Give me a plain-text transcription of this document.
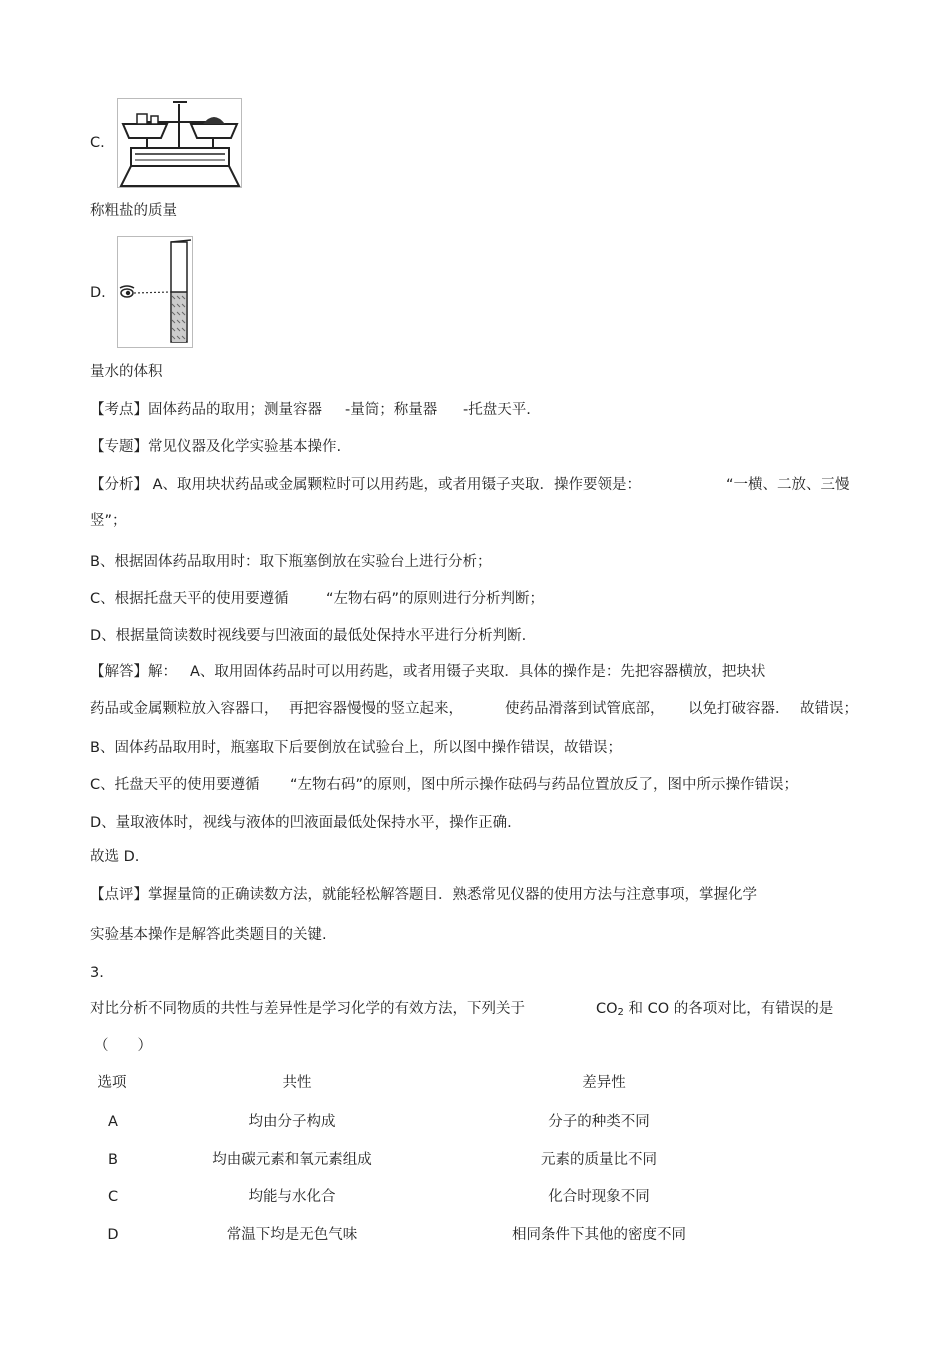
C.
称粗盐的质量
D.
量水的体积
【考点】固体药品的取用；测量容器 -量筒；称量器 -托盘天平.
【专题】常见仪器及化学实验基本操作.
【分析】 A、取用块状药品或金属颗粒时可以用药匙，或者用镊子夹取．操作要领是：	“一横、二放、三慢
竖”；
B、根据固体药品取用时：取下瓶塞倒放在实验台上进行分析；
C、根据托盘天平的使用要遵循	“左物右码”的原则进行分析判断；
D、根据量筒读数时视线要与凹液面的最低处保持水平进行分析判断.
【解答】解： A、取用固体药品时可以用药匙，或者用镊子夹取．具体的操作是：先把容器横放，把块状
药品或金属颗粒放入容器口， 再把容器慢慢的竖立起来，	使药品滑落到试管底部， 以免打破容器． 故错误；
B、固体药品取用时，瓶塞取下后要倒放在试验台上，所以图中操作错误，故错误；
C、托盘天平的使用要遵循 “左物右码”的原则，图中所示操作砝码与药品位置放反了，图中所示操作错误；
D、量取液体时，视线与液体的凹液面最低处保持水平，操作正确.
故选 D.
【点评】掌握量筒的正确读数方法，就能轻松解答题目．熟悉常见仪器的使用方法与注意事项，掌握化学
实验基本操作是解答此类题目的关键.
3.
对比分析不同物质的共性与差异性是学习化学的有效方法，下列关于	$CO_2$ 和 CO 的各项对比，有错误的是
（　　）
选项	共性	差异性
A	均由分子构成	分子的种类不同
B	均由碳元素和氧元素组成	元素的质量比不同
C	均能与水化合	化合时现象不同
D	常温下均是无色气味	相同条件下其他的密度不同
